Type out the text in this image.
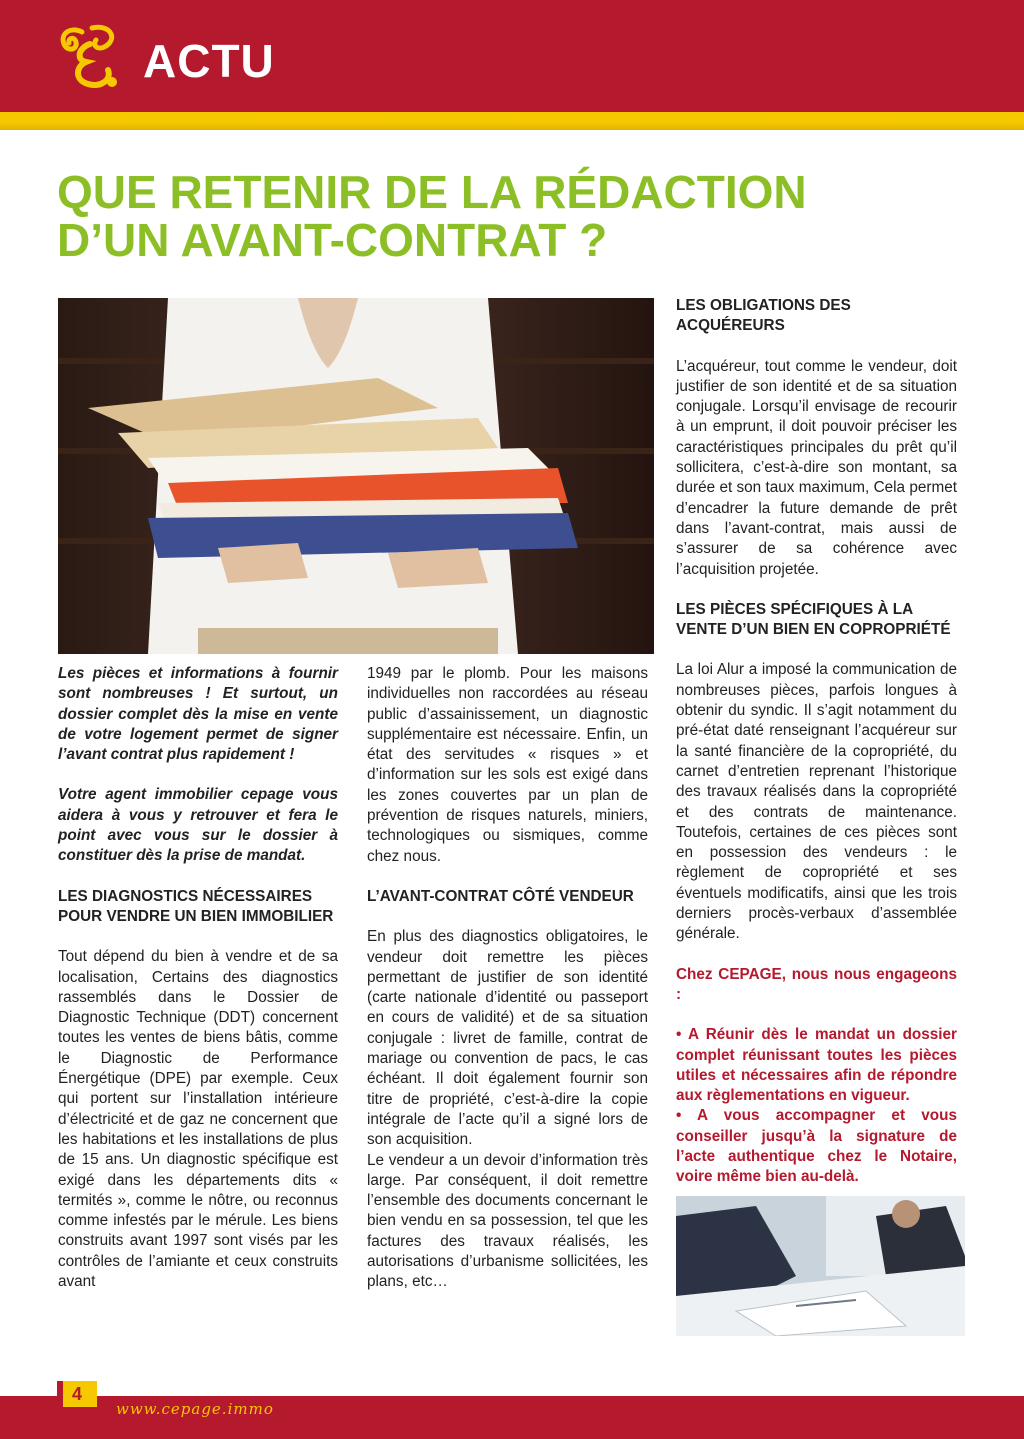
ACTU
QUE RETENIR DE LA RÉDACTION
D’UN AVANT-CONTRAT ?

Les pièces et informations à fournir sont nombreuses ! Et surtout, un dossier complet dès la mise en vente de votre logement permet de signer l’avant contrat plus rapidement !

Votre agent immobilier cepage vous aidera à vous y retrouver et fera le point avec vous sur le dossier à constituer dès la prise de mandat.

LES DIAGNOSTICS NÉCESSAIRES POUR VENDRE UN BIEN IMMOBILIER

Tout dépend du bien à vendre et de sa localisation, Certains des diagnostics rassemblés dans le Dossier de Diagnostic Technique (DDT) concernent toutes les ventes de biens bâtis, comme le Diagnostic de Performance Énergétique (DPE) par exemple. Ceux qui portent sur l’installation intérieure d’électricité et de gaz ne concernent que les habitations et les installations de plus de 15 ans. Un diagnostic spécifique est exigé dans les départements dits « termités », comme le nôtre, ou reconnus comme infestés par le mérule. Les biens construits avant 1997 sont visés par les contrôles de l’amiante et ceux construits avant

1949 par le plomb. Pour les maisons individuelles non raccordées au réseau public d’assainissement, un diagnostic supplémentaire est nécessaire. Enfin, un état des servitudes « risques » et d’information sur les sols est exigé dans les zones couvertes par un plan de prévention de risques naturels, miniers, technologiques ou sismiques, comme chez nous.

L’AVANT-CONTRAT CÔTÉ VENDEUR

En plus des diagnostics obligatoires, le vendeur doit remettre les pièces permettant de justifier de son identité (carte nationale d’identité ou passeport en cours de validité) et de sa situation conjugale : livret de famille, contrat de mariage ou convention de pacs, le cas échéant. Il doit également fournir son titre de propriété, c’est-à-dire la copie intégrale de l’acte qu’il a signé lors de son acquisition.

Le vendeur a un devoir d’information très large. Par conséquent, il doit remettre l’ensemble des documents concernant le bien vendu en sa possession, tel que les factures des travaux réalisés, les autorisations d’urbanisme sollicitées, les plans, etc…

LES OBLIGATIONS DES ACQUÉREURS

L’acquéreur, tout comme le vendeur, doit justifier de son identité et de sa situation conjugale. Lorsqu’il envisage de recourir à un emprunt, il doit pouvoir préciser les caractéristiques principales du prêt qu’il sollicitera, c’est-à-dire son montant, sa durée et son taux maximum, Cela permet d’encadrer la future demande de prêt dans l’avant-contrat, mais aussi de s’assurer de sa cohérence avec l’acquisition projetée.

LES PIÈCES SPÉCIFIQUES À LA VENTE D’UN BIEN EN COPROPRIÉTÉ

La loi Alur a imposé la communication de nombreuses pièces, parfois longues à obtenir du syndic. Il s’agit notamment du pré-état daté renseignant l’acquéreur sur la santé financière de la copropriété, du carnet d’entretien reprenant l’historique des travaux réalisés dans la copropriété et des contrats de maintenance. Toutefois, certaines de ces pièces sont en possession des vendeurs : le règlement de copropriété et ses éventuels modificatifs, ainsi que les trois derniers procès-verbaux d’assemblée générale.

Chez CEPAGE, nous nous engageons :

• A Réunir dès le mandat un dossier complet réunissant toutes les pièces utiles et nécessaires afin de répondre aux règlementations en vigueur.

• A vous accompagner et vous conseiller jusqu’à la signature de l’acte authentique chez le Notaire, voire même bien au-delà.

4
www.cepage.immo
